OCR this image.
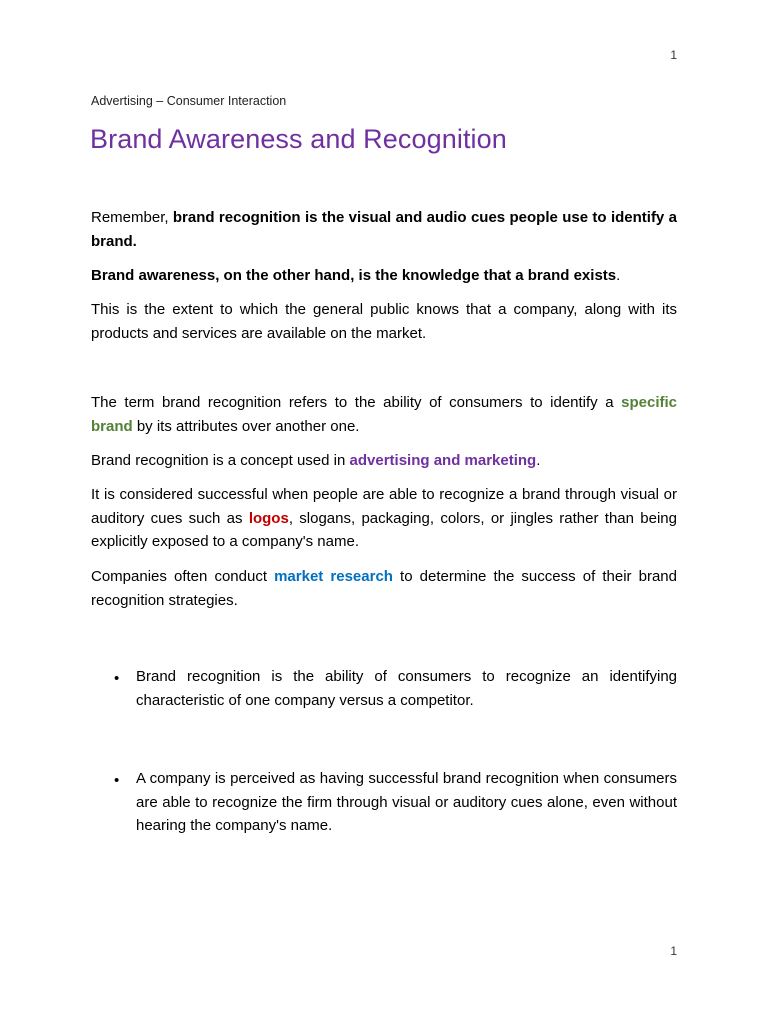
1
Advertising – Consumer Interaction
Brand Awareness and Recognition

Remember, brand recognition is the visual and audio cues people use to identify a brand.

Brand awareness, on the other hand, is the knowledge that a brand exists.

This is the extent to which the general public knows that a company, along with its products and services are available on the market.

The term brand recognition refers to the ability of consumers to identify a specific brand by its attributes over another one.

Brand recognition is a concept used in advertising and marketing.

It is considered successful when people are able to recognize a brand through visual or auditory cues such as logos, slogans, packaging, colors, or jingles rather than being explicitly exposed to a company's name.

Companies often conduct market research to determine the success of their brand recognition strategies.

• Brand recognition is the ability of consumers to recognize an identifying characteristic of one company versus a competitor.

• A company is perceived as having successful brand recognition when consumers are able to recognize the firm through visual or auditory cues alone, even without hearing the company's name.

1
